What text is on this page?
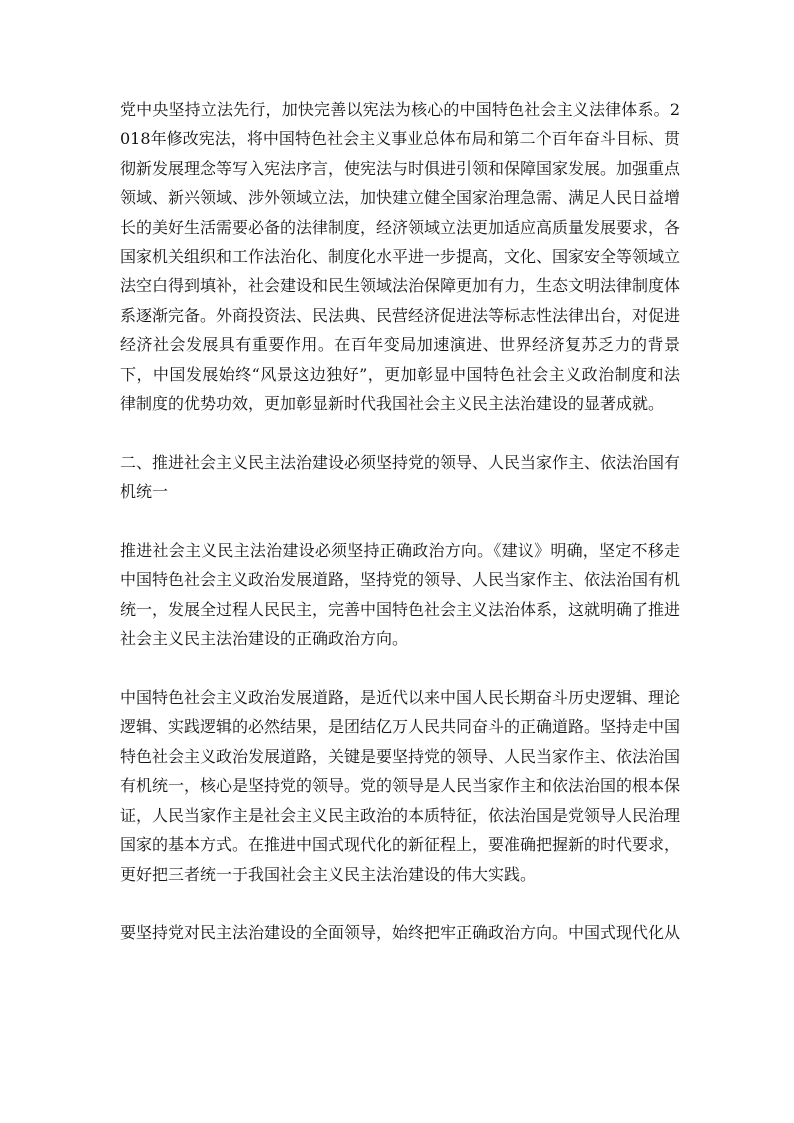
党中央坚持立法先行，加快完善以宪法为核心的中国特色社会主义法律体系。2018年修改宪法，将中国特色社会主义事业总体布局和第二个百年奋斗目标、贯彻新发展理念等写入宪法序言，使宪法与时俱进引领和保障国家发展。加强重点领域、新兴领域、涉外领域立法，加快建立健全国家治理急需、满足人民日益增长的美好生活需要必备的法律制度，经济领域立法更加适应高质量发展要求，各国家机关组织和工作法治化、制度化水平进一步提高，文化、国家安全等领域立法空白得到填补，社会建设和民生领域法治保障更加有力，生态文明法律制度体系逐渐完备。外商投资法、民法典、民营经济促进法等标志性法律出台，对促进经济社会发展具有重要作用。在百年变局加速演进、世界经济复苏乏力的背景下，中国发展始终“风景这边独好”，更加彰显中国特色社会主义政治制度和法律制度的优势功效，更加彰显新时代我国社会主义民主法治建设的显著成就。

二、推进社会主义民主法治建设必须坚持党的领导、人民当家作主、依法治国有机统一

推进社会主义民主法治建设必须坚持正确政治方向。《建议》明确，坚定不移走中国特色社会主义政治发展道路，坚持党的领导、人民当家作主、依法治国有机统一，发展全过程人民民主，完善中国特色社会主义法治体系，这就明确了推进社会主义民主法治建设的正确政治方向。

中国特色社会主义政治发展道路，是近代以来中国人民长期奋斗历史逻辑、理论逻辑、实践逻辑的必然结果，是团结亿万人民共同奋斗的正确道路。坚持走中国特色社会主义政治发展道路，关键是要坚持党的领导、人民当家作主、依法治国有机统一，核心是坚持党的领导。党的领导是人民当家作主和依法治国的根本保证，人民当家作主是社会主义民主政治的本质特征，依法治国是党领导人民治理国家的基本方式。在推进中国式现代化的新征程上，要准确把握新的时代要求，更好把三者统一于我国社会主义民主法治建设的伟大实践。

要坚持党对民主法治建设的全面领导，始终把牢正确政治方向。中国式现代化从
